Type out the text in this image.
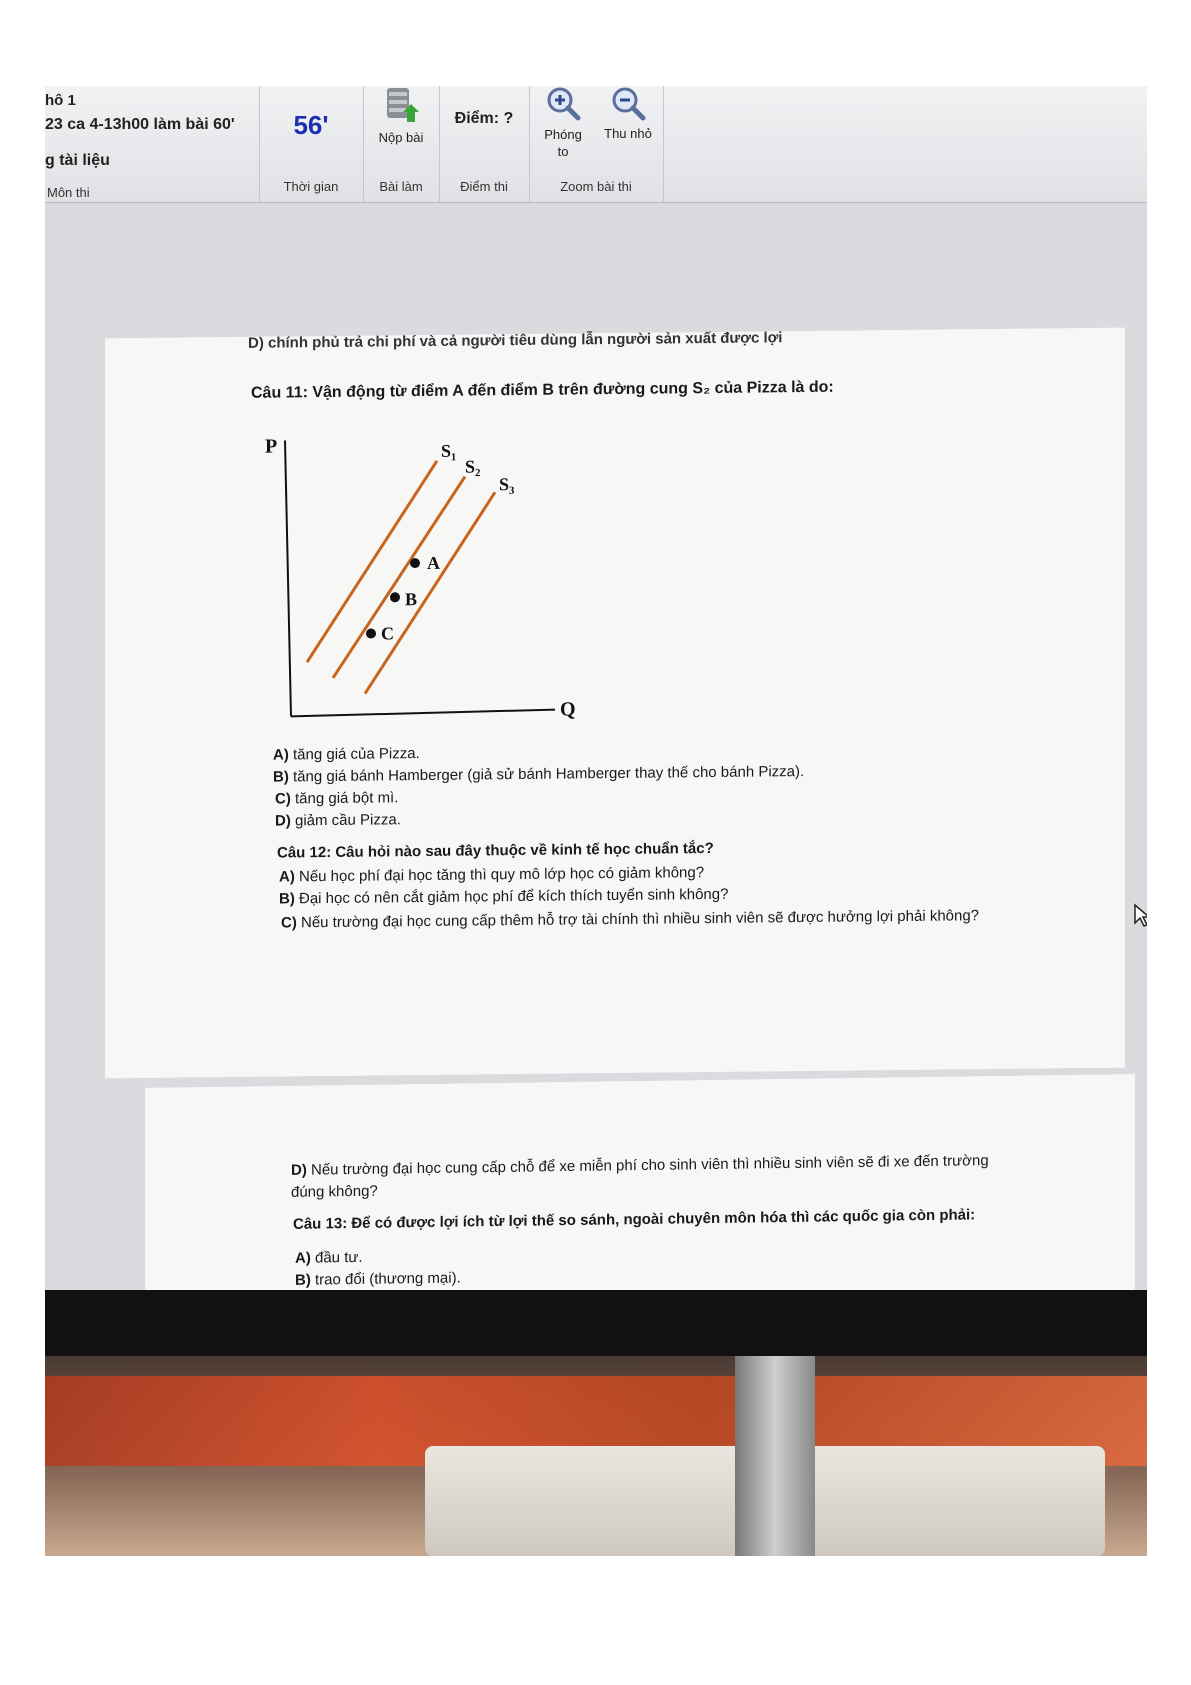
hô 1
23 ca 4-13h00 làm bài 60'
g tài liệu
Môn thi
56'
Thời gian
Nộp bài
Bài làm
Điểm: ?
Điểm thi
Phóng to
Thu nhỏ
Zoom bài thi
D) chính phủ trả chi phí và cả người tiêu dùng lẫn người sản xuất được lợi
Câu 11: Vận động từ điểm A đến điểm B trên đường cung S₂ của Pizza là do:
P
Q
S₁
S₂
S₃
A
B
C
A) tăng giá của Pizza.
B) tăng giá bánh Hamberger (giả sử bánh Hamberger thay thế cho bánh Pizza).
C) tăng giá bột mì.
D) giảm cầu Pizza.
Câu 12: Câu hỏi nào sau đây thuộc về kinh tế học chuẩn tắc?
A) Nếu học phí đại học tăng thì quy mô lớp học có giảm không?
B) Đại học có nên cắt giảm học phí để kích thích tuyển sinh không?
C) Nếu trường đại học cung cấp thêm hỗ trợ tài chính thì nhiều sinh viên sẽ được hưởng lợi phải không?
D) Nếu trường đại học cung cấp chỗ để xe miễn phí cho sinh viên thì nhiều sinh viên sẽ đi xe đến trường
đúng không?
Câu 13: Để có được lợi ích từ lợi thế so sánh, ngoài chuyên môn hóa thì các quốc gia còn phải:
A) đầu tư.
B) trao đổi (thương mại).
